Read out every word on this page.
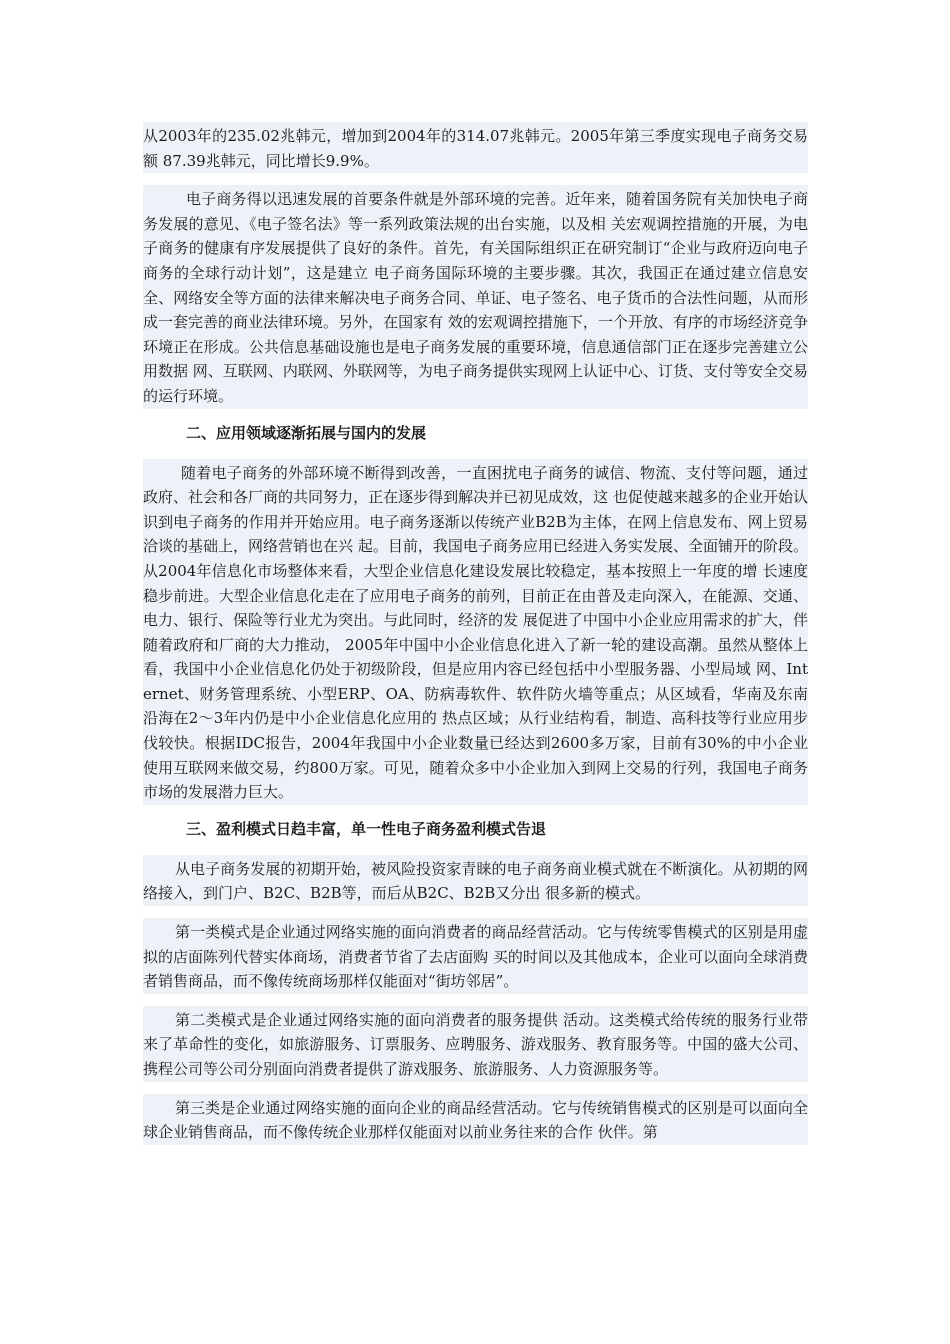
从2003年的235.02兆韩元，增加到2004年的314.07兆韩元。2005年第三季度实现电子商务交易额 87.39兆韩元，同比增长9.9%。

电子商务得以迅速发展的首要条件就是外部环境的完善。近年来，随着国务院有关加快电子商务发展的意见、《电子签名法》等一系列政策法规的出台实施，以及相 关宏观调控措施的开展，为电子商务的健康有序发展提供了良好的条件。首先，有关国际组织正在研究制订“企业与政府迈向电子商务的全球行动计划”，这是建立 电子商务国际环境的主要步骤。其次，我国正在通过建立信息安全、网络安全等方面的法律来解决电子商务合同、单证、电子签名、电子货币的合法性问题，从而形 成一套完善的商业法律环境。另外，在国家有 效的宏观调控措施下，一个开放、有序的市场经济竞争环境正在形成。公共信息基础设施也是电子商务发展的重要环境，信息通信部门正在逐步完善建立公用数据 网、互联网、内联网、外联网等，为电子商务提供实现网上认证中心、订货、支付等安全交易的运行环境。

二、应用领域逐渐拓展与国内的发展

随着电子商务的外部环境不断得到改善，一直困扰电子商务的诚信、物流、支付等问题，通过政府、社会和各厂商的共同努力，正在逐步得到解决并已初见成效，这 也促使越来越多的企业开始认识到电子商务的作用并开始应用。电子商务逐渐以传统产业B2B为主体，在网上信息发布、网上贸易洽谈的基础上，网络营销也在兴 起。目前，我国电子商务应用已经进入务实发展、全面铺开的阶段。从2004年信息化市场整体来看，大型企业信息化建设发展比较稳定，基本按照上一年度的增 长速度稳步前进。大型企业信息化走在了应用电子商务的前列，目前正在由普及走向深入，在能源、交通、电力、银行、保险等行业尤为突出。与此同时，经济的发 展促进了中国中小企业应用需求的扩大，伴随着政府和厂商的大力推动， 2005年中国中小企业信息化进入了新一轮的建设高潮。虽然从整体上看，我国中小企业信息化仍处于初级阶段，但是应用内容已经包括中小型服务器、小型局域 网、Internet、财务管理系统、小型ERP、OA、防病毒软件、软件防火墙等重点；从区域看，华南及东南沿海在2～3年内仍是中小企业信息化应用的 热点区域；从行业结构看，制造、高科技等行业应用步伐较快。根据IDC报告，2004年我国中小企业数量已经达到2600多万家，目前有30%的中小企业 使用互联网来做交易，约800万家。可见，随着众多中小企业加入到网上交易的行列，我国电子商务市场的发展潜力巨大。

三、盈利模式日趋丰富，单一性电子商务盈利模式告退

从电子商务发展的初期开始，被风险投资家青睐的电子商务商业模式就在不断演化。从初期的网络接入，到门户、B2C、B2B等，而后从B2C、B2B又分出 很多新的模式。

第一类模式是企业通过网络实施的面向消费者的商品经营活动。它与传统零售模式的区别是用虚拟的店面陈列代替实体商场，消费者节省了去店面购 买的时间以及其他成本，企业可以面向全球消费者销售商品，而不像传统商场那样仅能面对“街坊邻居”。

第二类模式是企业通过网络实施的面向消费者的服务提供 活动。这类模式给传统的服务行业带来了革命性的变化，如旅游服务、订票服务、应聘服务、游戏服务、教育服务等。中国的盛大公司、携程公司等公司分别面向消费者提供了游戏服务、旅游服务、人力资源服务等。

第三类是企业通过网络实施的面向企业的商品经营活动。它与传统销售模式的区别是可以面向全球企业销售商品，而不像传统企业那样仅能面对以前业务往来的合作 伙伴。第
